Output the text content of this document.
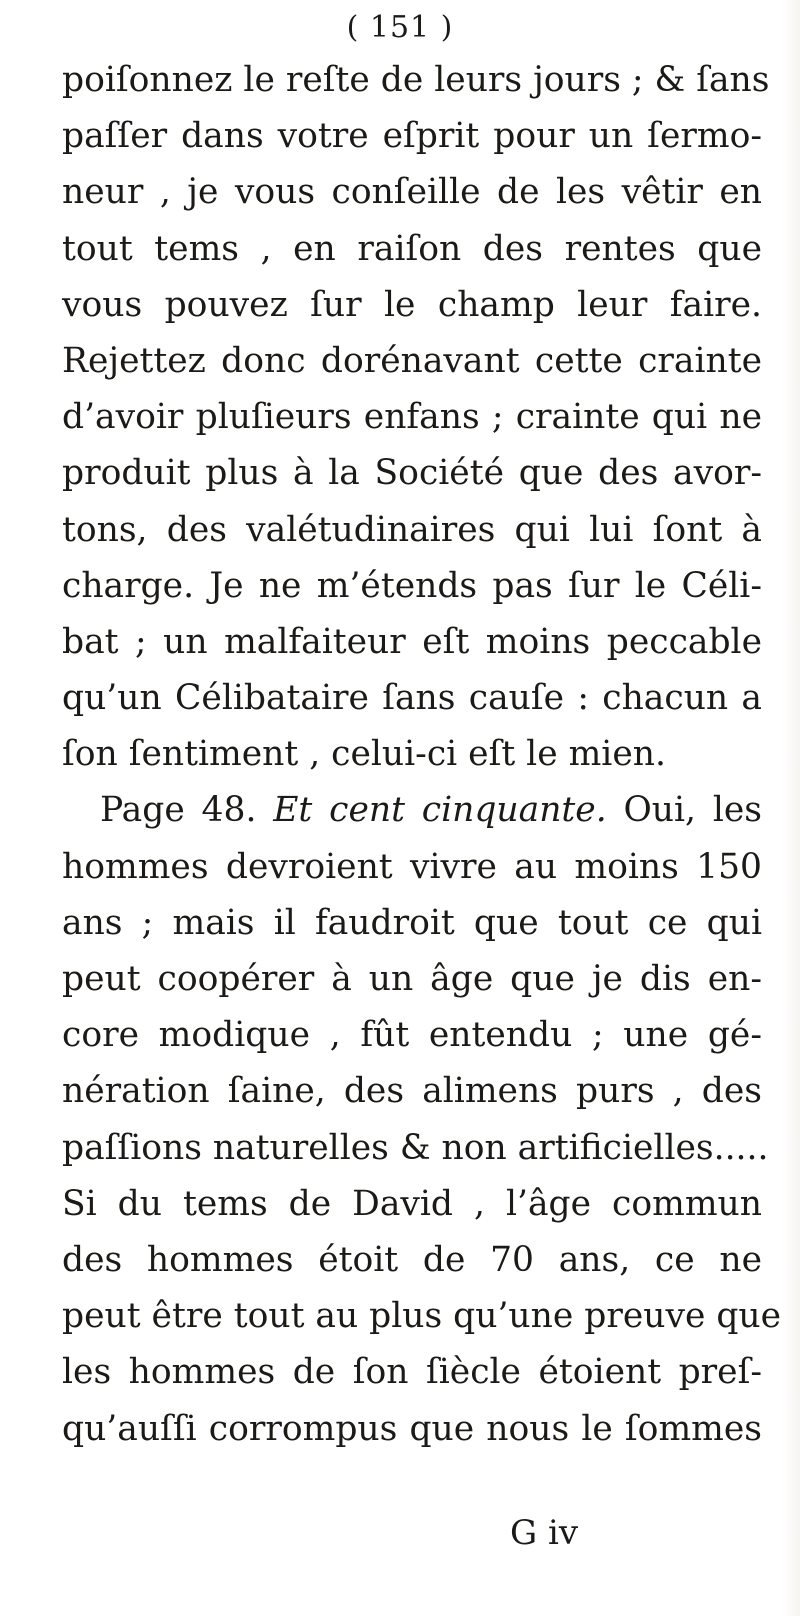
( 151 )
poiſonnez le reſte de leurs jours ; & ſans
paſſer dans votre eſprit pour un ſermo-
neur , je vous conſeille de les vêtir en
tout tems , en raiſon des rentes que
vous pouvez ſur le champ leur faire.
Rejettez donc dorénavant cette crainte
d’avoir pluſieurs enfans ; crainte qui ne
produit plus à la Société que des avor-
tons, des valétudinaires qui lui ſont à
charge. Je ne m’étends pas ſur le Céli-
bat ; un malfaiteur eſt moins peccable
qu’un Célibataire ſans cauſe : chacun a
ſon ſentiment , celui-ci eſt le mien.
Page 48. Et cent cinquante. Oui, les
hommes devroient vivre au moins 150
ans ; mais il faudroit que tout ce qui
peut coopérer à un âge que je dis en-
core modique , fût entendu ; une gé-
nération ſaine, des alimens purs , des
paſſions naturelles & non artificielles.....
Si du tems de David , l’âge commun
des hommes étoit de 70 ans, ce ne
peut être tout au plus qu’une preuve que
les hommes de ſon ſiècle étoient preſ-
qu’auſſi corrompus que nous le ſommes
G iv
